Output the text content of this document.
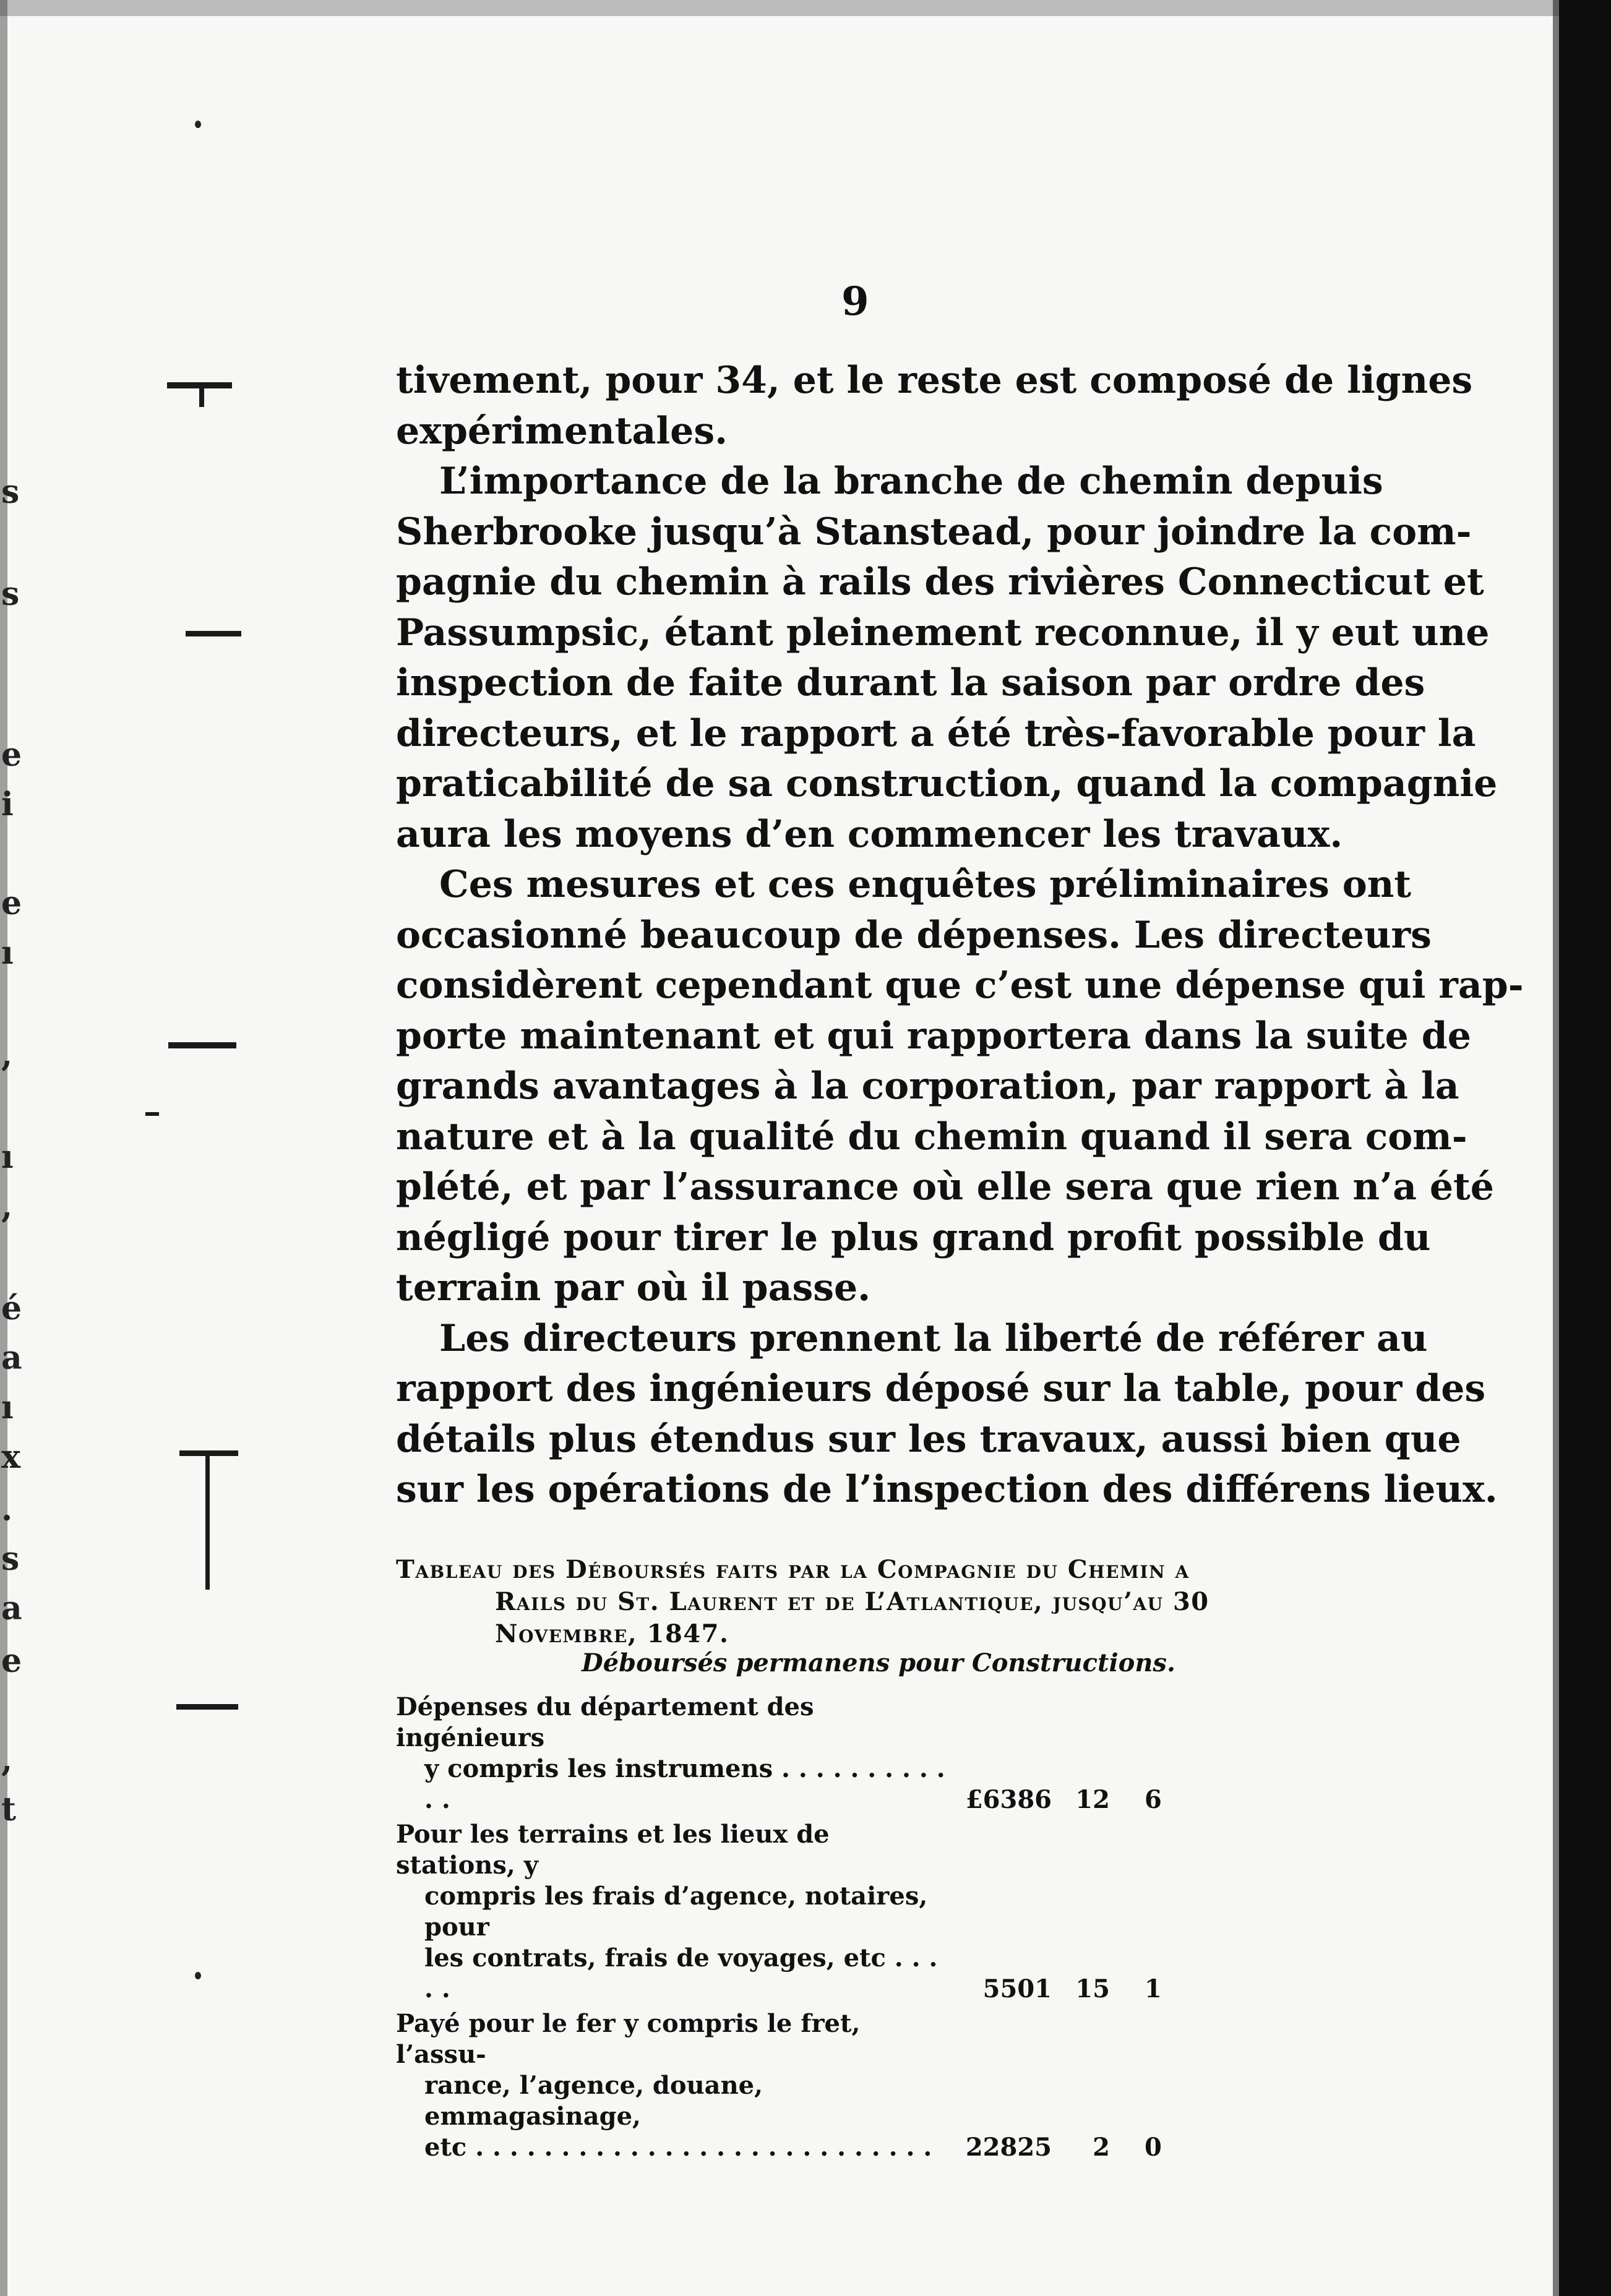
s
s
e
i
e
ı
,
ı
,
é
a
ı
x
.
s
a
e
,
t
9

tivement, pour 34, et le reste est composé de lignes
expérimentales.

L’importance de la branche de chemin depuis
Sherbrooke jusqu’à Stanstead, pour joindre la com-
pagnie du chemin à rails des rivières Connecticut et
Passumpsic, étant pleinement reconnue, il y eut une
inspection de faite durant la saison par ordre des
directeurs, et le rapport a été très-favorable pour la
praticabilité de sa construction, quand la compagnie
aura les moyens d’en commencer les travaux.

Ces mesures et ces enquêtes préliminaires ont
occasionné beaucoup de dépenses. Les directeurs
considèrent cependant que c’est une dépense qui rap-
porte maintenant et qui rapportera dans la suite de
grands avantages à la corporation, par rapport à la
nature et à la qualité du chemin quand il sera com-
plété, et par l’assurance où elle sera que rien n’a été
négligé pour tirer le plus grand profit possible du
terrain par où il passe.

Les directeurs prennent la liberté de référer au
rapport des ingénieurs déposé sur la table, pour des
détails plus étendus sur les travaux, aussi bien que
sur les opérations de l’inspection des différens lieux.

Tableau des Déboursés faits par la Compagnie du Chemin a
Rails du St. Laurent et de L’Atlantique, jusqu’au 30
Novembre, 1847.
Déboursés permanens pour Constructions.
Dépenses du département des ingénieurs
y compris les instrumens . . . . . . . . . . . .	£6386 12 6
Pour les terrains et les lieux de stations, y
compris les frais d’agence, notaires, pour
les contrats, frais de voyages, etc . . . . .	5501 15 1
Payé pour le fer y compris le fret, l’assu-
rance, l’agence, douane, emmagasinage,
etc . . . . . . . . . . . . . . . . . . . . . . . . . . .	22825 2 0
